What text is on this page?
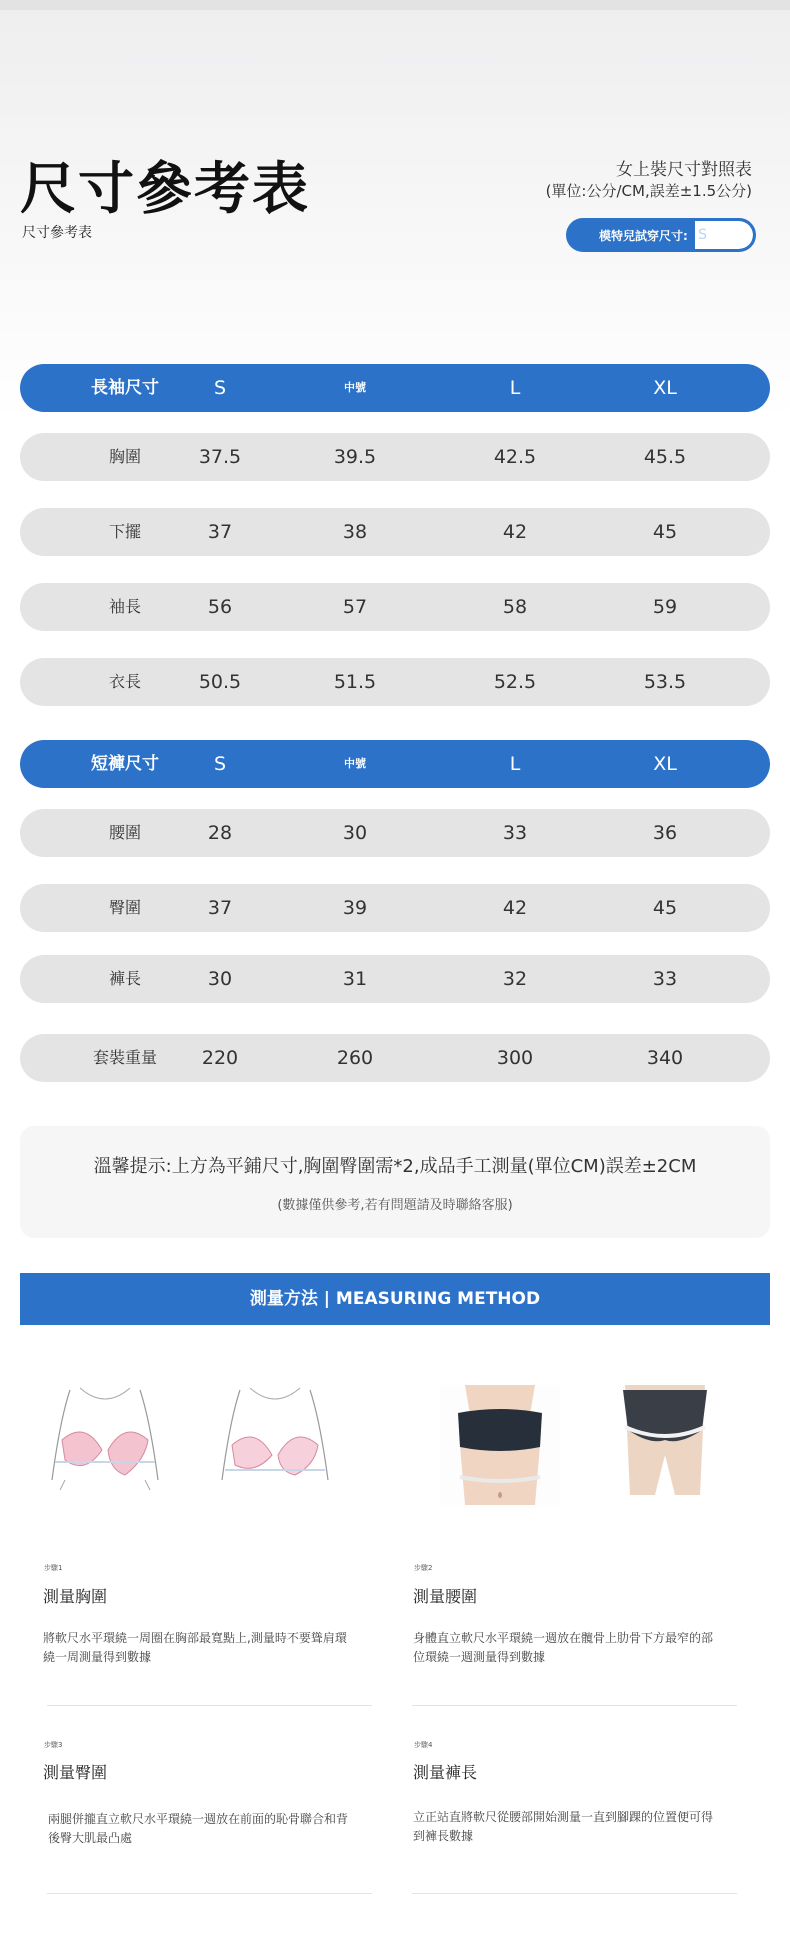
尺寸參考表
尺寸參考表
女上裝尺寸對照表
(單位:公分/CM,誤差±1.5公分)
模特兒試穿尺寸: S
長袖尺寸	S	中號	L	XL
胸圍	37.5	39.5	42.5	45.5
下擺	37	38	42	45
袖長	56	57	58	59
衣長	50.5	51.5	52.5	53.5
短褲尺寸	S	中號	L	XL
腰圍	28	30	33	36
臀圍	37	39	42	45
褲長	30	31	32	33
套裝重量	220	260	300	340
溫馨提示:上方為平鋪尺寸,胸圍臀圍需*2,成品手工測量(單位CM)誤差±2CM
(數據僅供參考,若有問題請及時聯絡客服)
測量方法 | MEASURING METHOD
步驟1
測量胸圍
將軟尺水平環繞一周圈在胸部最寬點上,測量時不要聳肩環繞一周測量得到數據
步驟2
測量腰圍
身體直立軟尺水平環繞一週放在髖骨上肋骨下方最窄的部位環繞一週測量得到數據
步驟3
測量臀圍
兩腿併攏直立軟尺水平環繞一週放在前面的恥骨聯合和背後臀大肌最凸處
步驟4
測量褲長
立正站直將軟尺從腰部開始測量一直到腳踝的位置便可得到褲長數據
